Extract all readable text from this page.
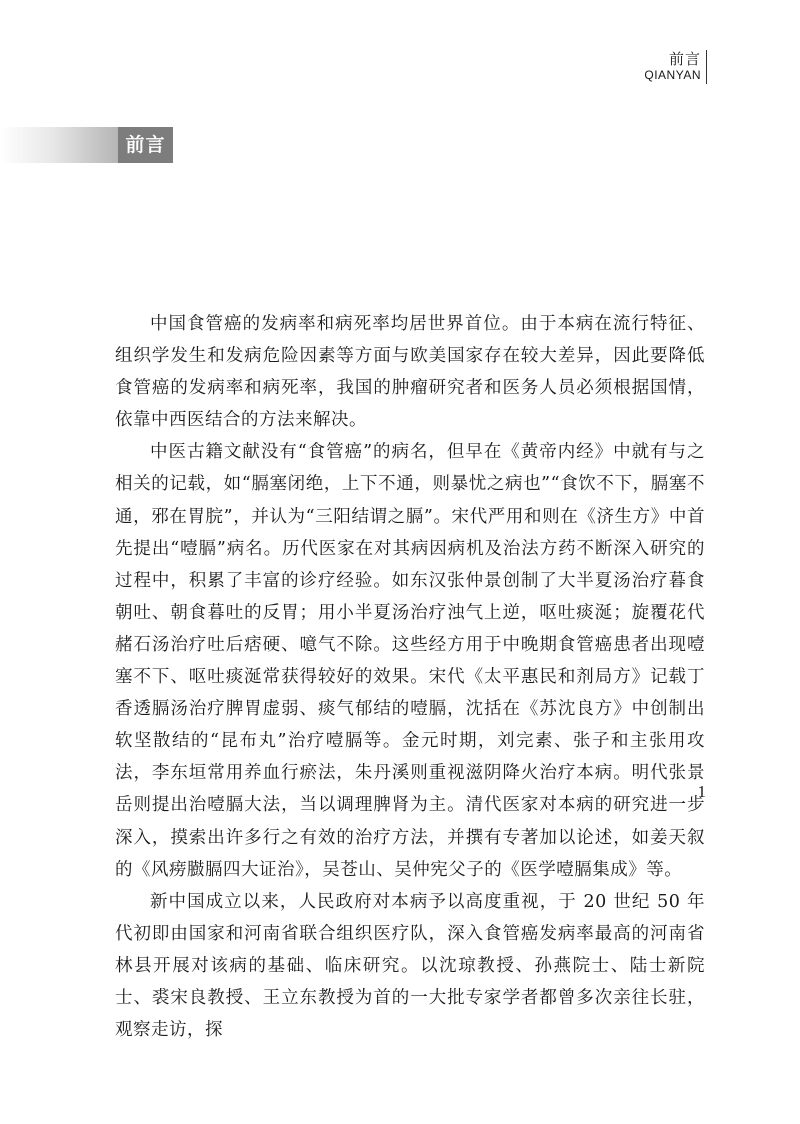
前言
QIANYAN
前言

中国食管癌的发病率和病死率均居世界首位。由于本病在流行特征、组织学发生和发病危险因素等方面与欧美国家存在较大差异，因此要降低食管癌的发病率和病死率，我国的肿瘤研究者和医务人员必须根据国情，依靠中西医结合的方法来解决。

中医古籍文献没有“食管癌”的病名，但早在《黄帝内经》中就有与之相关的记载，如“膈塞闭绝，上下不通，则暴忧之病也”“食饮不下，膈塞不通，邪在胃脘”，并认为“三阳结谓之膈”。宋代严用和则在《济生方》中首先提出“噎膈”病名。历代医家在对其病因病机及治法方药不断深入研究的过程中，积累了丰富的诊疗经验。如东汉张仲景创制了大半夏汤治疗暮食朝吐、朝食暮吐的反胃；用小半夏汤治疗浊气上逆，呕吐痰涎；旋覆花代赭石汤治疗吐后痞硬、噫气不除。这些经方用于中晚期食管癌患者出现噎塞不下、呕吐痰涎常获得较好的效果。宋代《太平惠民和剂局方》记载丁香透膈汤治疗脾胃虚弱、痰气郁结的噎膈，沈括在《苏沈良方》中创制出软坚散结的“昆布丸”治疗噎膈等。金元时期，刘完素、张子和主张用攻法，李东垣常用养血行瘀法，朱丹溪则重视滋阴降火治疗本病。明代张景岳则提出治噎膈大法，当以调理脾肾为主。清代医家对本病的研究进一步深入，摸索出许多行之有效的治疗方法，并撰有专著加以论述，如姜天叙的《风痨臌膈四大证治》，吴苍山、吴仲宪父子的《医学噎膈集成》等。

新中国成立以来，人民政府对本病予以高度重视，于 20 世纪 50 年代初即由国家和河南省联合组织医疗队，深入食管癌发病率最高的河南省林县开展对该病的基础、临床研究。以沈琼教授、孙燕院士、陆士新院士、裘宋良教授、王立东教授为首的一大批专家学者都曾多次亲往长驻，观察走访，探

1
